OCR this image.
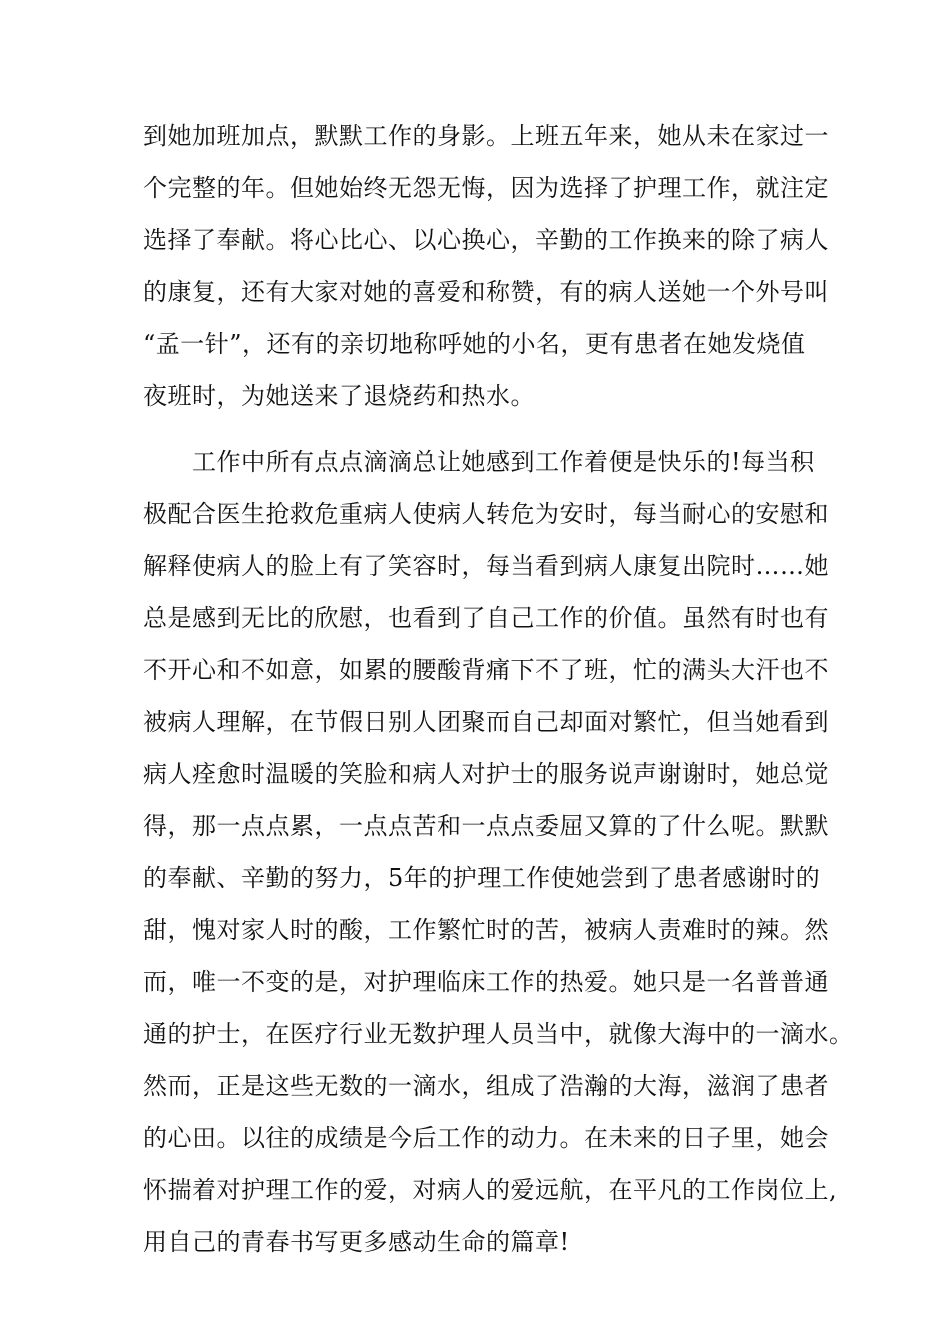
到她加班加点，默默工作的身影。上班五年来，她从未在家过一
个完整的年。但她始终无怨无悔，因为选择了护理工作，就注定
选择了奉献。将心比心、以心换心，辛勤的工作换来的除了病人
的康复，还有大家对她的喜爱和称赞，有的病人送她一个外号叫
“孟一针”，还有的亲切地称呼她的小名，更有患者在她发烧值
夜班时，为她送来了退烧药和热水。
　　工作中所有点点滴滴总让她感到工作着便是快乐的!每当积
极配合医生抢救危重病人使病人转危为安时，每当耐心的安慰和
解释使病人的脸上有了笑容时，每当看到病人康复出院时……她
总是感到无比的欣慰，也看到了自己工作的价值。虽然有时也有
不开心和不如意，如累的腰酸背痛下不了班，忙的满头大汗也不
被病人理解，在节假日别人团聚而自己却面对繁忙，但当她看到
病人痊愈时温暖的笑脸和病人对护士的服务说声谢谢时，她总觉
得，那一点点累，一点点苦和一点点委屈又算的了什么呢。默默
的奉献、辛勤的努力，5年的护理工作使她尝到了患者感谢时的
甜，愧对家人时的酸，工作繁忙时的苦，被病人责难时的辣。然
而，唯一不变的是，对护理临床工作的热爱。她只是一名普普通
通的护士，在医疗行业无数护理人员当中，就像大海中的一滴水。
然而，正是这些无数的一滴水，组成了浩瀚的大海，滋润了患者
的心田。以往的成绩是今后工作的动力。在未来的日子里，她会
怀揣着对护理工作的爱，对病人的爱远航，在平凡的工作岗位上,
用自己的青春书写更多感动生命的篇章!
